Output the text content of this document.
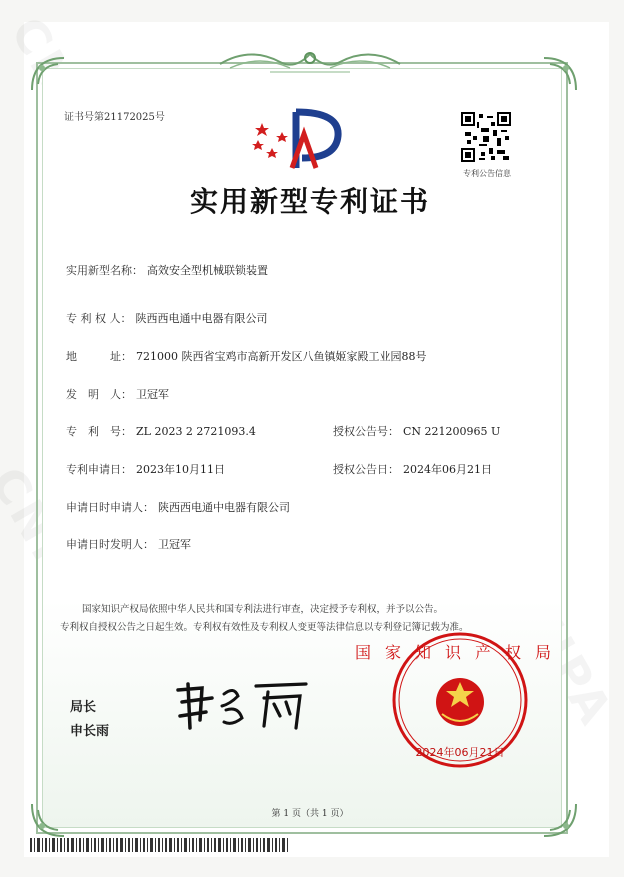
证书号第21172025号
专利公告信息
实用新型专利证书
实用新型名称： 高效安全型机械联锁装置
专 利 权 人： 陕西西电通中电器有限公司
地　　　址： 721000 陕西省宝鸡市高新开发区八鱼镇姬家殿工业园88号
发　明　人： 卫冠军
专　利　号： ZL 2023 2 2721093.4	授权公告号： CN 221200965 U
专利申请日： 2023年10月11日	授权公告日： 2024年06月21日
申请日时申请人： 陕西西电通中电器有限公司
申请日时发明人： 卫冠军
国家知识产权局依照中华人民共和国专利法进行审查，决定授予专利权，并予以公告。
专利权自授权公告之日起生效。专利权有效性及专利权人变更等法律信息以专利登记簿记载为准。
局长
申长雨
国家知识产权局
2024年06月21日
第 1 页（共 1 页）
